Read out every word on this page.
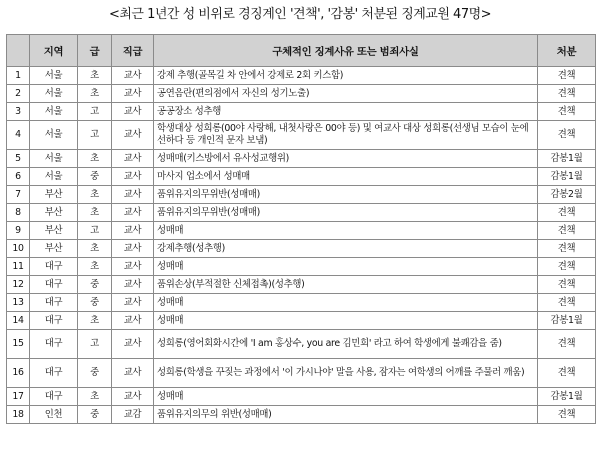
<최근 1년간 성 비위로 경징계인 '견책', '감봉' 처분된 징계교원 47명>
	지역	급	직급	구체적인 징계사유 또는 범죄사실	처분
1	서울	초	교사	강제 추행(골목길 차 안에서 강제로 2회 키스함)	견책
2	서울	초	교사	공연음란(편의점에서 자신의 성기노출)	견책
3	서울	고	교사	공공장소 성추행	견책
4	서울	고	교사	학생대상 성희롱(00야 사랑해, 내첫사랑은 00야 등) 및 여교사 대상 성희롱(선생님 모습이 눈에 선하다 등 개인적 문자 보냄)	견책
5	서울	초	교사	성매매(키스방에서 유사성교행위)	감봉1월
6	서울	중	교사	마사지 업소에서 성매매	감봉1월
7	부산	초	교사	품위유지의무위반(성매매)	감봉2월
8	부산	초	교사	품위유지의무위반(성매매)	견책
9	부산	고	교사	성매매	견책
10	부산	초	교사	강제추행(성추행)	견책
11	대구	초	교사	성매매	견책
12	대구	중	교사	품위손상(부적절한 신체접촉)(성추행)	견책
13	대구	중	교사	성매매	견책
14	대구	초	교사	성매매	감봉1월
15	대구	고	교사	성희롱(영어회화시간에 'I am 홍상수, you are 김민희' 라고 하여 학생에게 불쾌감을 줌)	견책
16	대구	중	교사	성희롱(학생을 꾸짖는 과정에서 '이 가시나야' 말을 사용, 잠자는 여학생의 어깨를 주물러 깨움)	견책
17	대구	초	교사	성매매	감봉1월
18	인천	중	교감	품위유지의무의 위반(성매매)	견책
